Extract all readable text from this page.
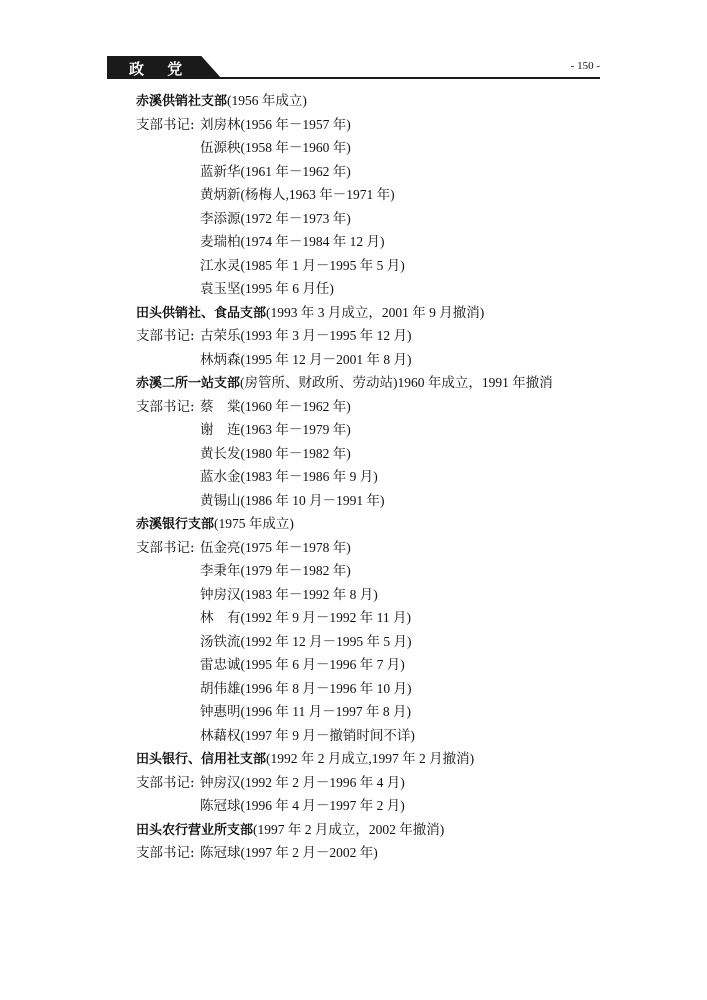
政 党	- 150 -
赤溪供销社支部(1956 年成立)
支部书记: 刘房林(1956 年－1957 年)
伍源秧(1958 年－1960 年)
蓝新华(1961 年－1962 年)
黄炳新(杨梅人,1963 年－1971 年)
李添源(1972 年－1973 年)
麦瑞柏(1974 年－1984 年 12 月)
江水灵(1985 年 1 月－1995 年 5 月)
袁玉坚(1995 年 6 月任)
田头供销社、食品支部(1993 年 3 月成立，2001 年 9 月撤消)
支部书记: 古荣乐(1993 年 3 月－1995 年 12 月)
林炳森(1995 年 12 月－2001 年 8 月)
赤溪二所一站支部(房管所、财政所、劳动站)1960 年成立，1991 年撤消
支部书记: 蔡　棠(1960 年－1962 年)
谢　连(1963 年－1979 年)
黄长发(1980 年－1982 年)
蓝水金(1983 年－1986 年 9 月)
黄锡山(1986 年 10 月－1991 年)
赤溪银行支部(1975 年成立)
支部书记: 伍金亮(1975 年－1978 年)
李秉年(1979 年－1982 年)
钟房汉(1983 年－1992 年 8 月)
林　有(1992 年 9 月－1992 年 11 月)
汤铁流(1992 年 12 月－1995 年 5 月)
雷忠诚(1995 年 6 月－1996 年 7 月)
胡伟雄(1996 年 8 月－1996 年 10 月)
钟惠明(1996 年 11 月－1997 年 8 月)
林藉权(1997 年 9 月－撤销时间不详)
田头银行、信用社支部(1992 年 2 月成立,1997 年 2 月撤消)
支部书记: 钟房汉(1992 年 2 月－1996 年 4 月)
陈冠球(1996 年 4 月－1997 年 2 月)
田头农行营业所支部(1997 年 2 月成立，2002 年撤消)
支部书记: 陈冠球(1997 年 2 月－2002 年)
